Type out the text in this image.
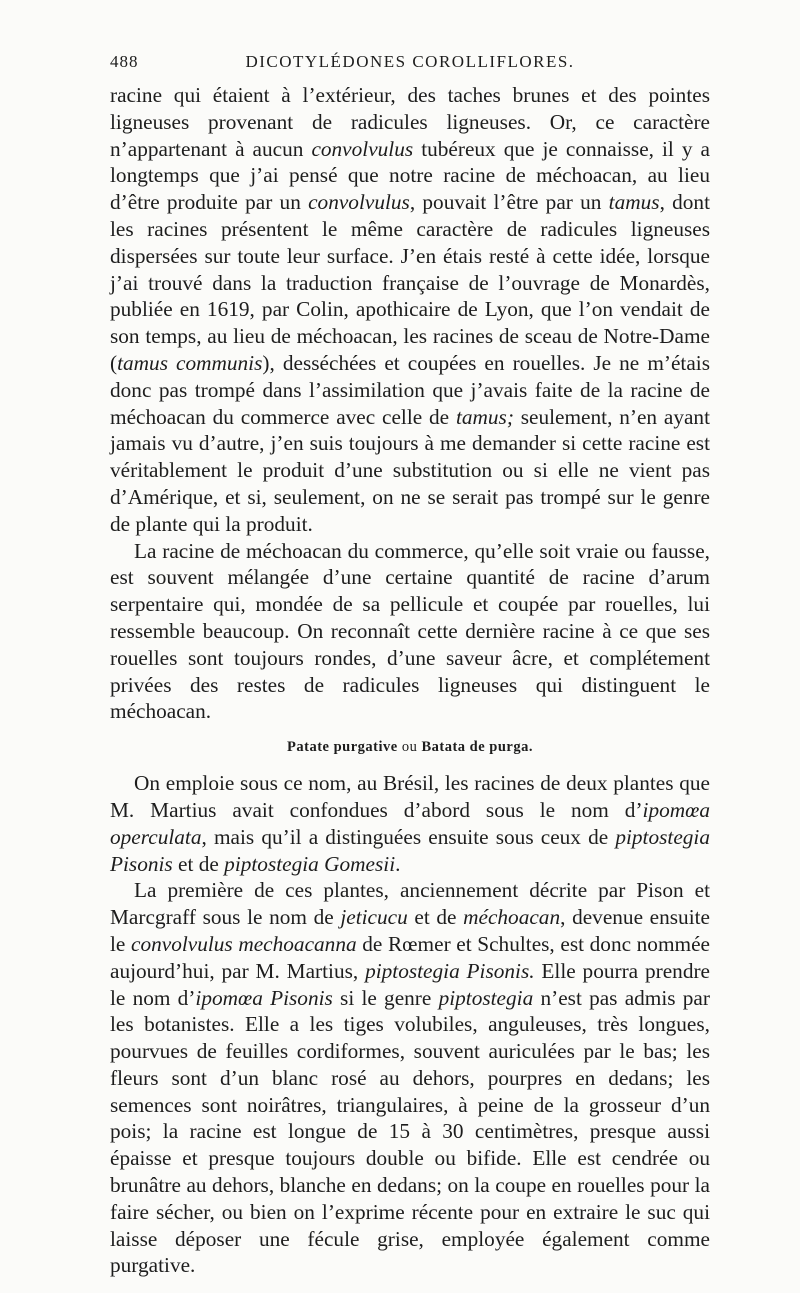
488	DICOTYLÉDONES COROLLIFLORES.

racine qui étaient à l’extérieur, des taches brunes et des pointes ligneuses provenant de radicules ligneuses. Or, ce caractère n’appartenant à aucun convolvulus tubéreux que je connaisse, il y a longtemps que j’ai pensé que notre racine de méchoacan, au lieu d’être produite par un convolvulus, pouvait l’être par un tamus, dont les racines présentent le même caractère de radicules ligneuses dispersées sur toute leur surface. J’en étais resté à cette idée, lorsque j’ai trouvé dans la traduction française de l’ouvrage de Monardès, publiée en 1619, par Colin, apothicaire de Lyon, que l’on vendait de son temps, au lieu de méchoacan, les racines de sceau de Notre-Dame (tamus communis), desséchées et coupées en rouelles. Je ne m’étais donc pas trompé dans l’assimilation que j’avais faite de la racine de méchoacan du commerce avec celle de tamus; seulement, n’en ayant jamais vu d’autre, j’en suis toujours à me demander si cette racine est véritablement le produit d’une substitution ou si elle ne vient pas d’Amérique, et si, seulement, on ne se serait pas trompé sur le genre de plante qui la produit.

La racine de méchoacan du commerce, qu’elle soit vraie ou fausse, est souvent mélangée d’une certaine quantité de racine d’arum serpentaire qui, mondée de sa pellicule et coupée par rouelles, lui ressemble beaucoup. On reconnaît cette dernière racine à ce que ses rouelles sont toujours rondes, d’une saveur âcre, et complétement privées des restes de radicules ligneuses qui distinguent le méchoacan.

Patate purgative ou Batata de purga.

On emploie sous ce nom, au Brésil, les racines de deux plantes que M. Martius avait confondues d’abord sous le nom d’ipomœa operculata, mais qu’il a distinguées ensuite sous ceux de piptostegia Pisonis et de piptostegia Gomesii.

La première de ces plantes, anciennement décrite par Pison et Marcgraff sous le nom de jeticucu et de méchoacan, devenue ensuite le convolvulus mechoacanna de Rœmer et Schultes, est donc nommée aujourd’hui, par M. Martius, piptostegia Pisonis. Elle pourra prendre le nom d’ipomœa Pisonis si le genre piptostegia n’est pas admis par les botanistes. Elle a les tiges volubiles, anguleuses, très longues, pourvues de feuilles cordiformes, souvent auriculées par le bas; les fleurs sont d’un blanc rosé au dehors, pourpres en dedans; les semences sont noirâtres, triangulaires, à peine de la grosseur d’un pois; la racine est longue de 15 à 30 centimètres, presque aussi épaisse et presque toujours double ou bifide. Elle est cendrée ou brunâtre au dehors, blanche en dedans; on la coupe en rouelles pour la faire sécher, ou bien on l’exprime récente pour en extraire le suc qui laisse déposer une fécule grise, employée également comme purgative.
